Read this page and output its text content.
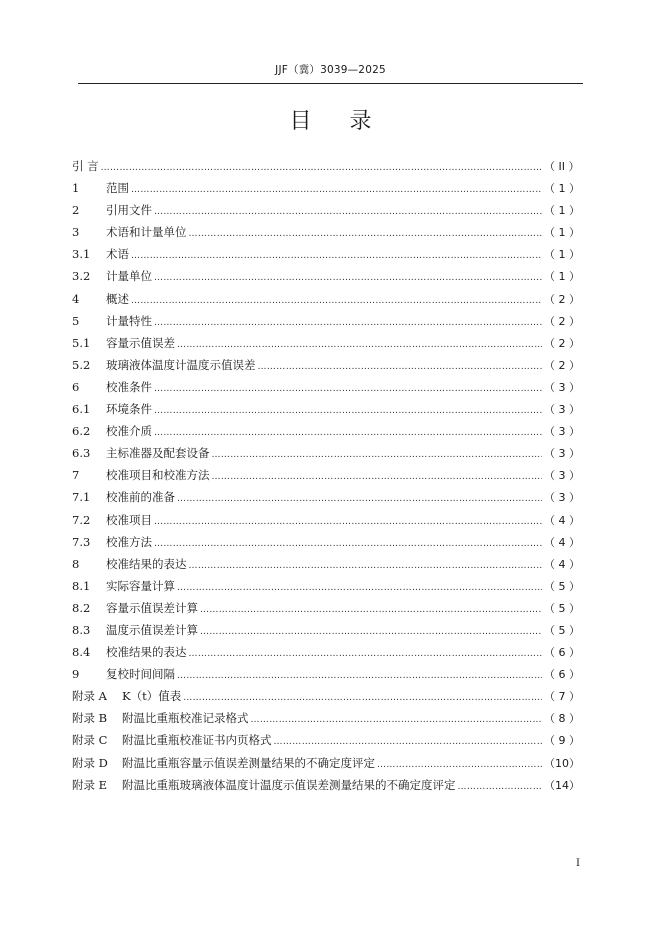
JJF（冀）3039—2025
目录
引 言 …………………………………………………………………………………………………………………………………………………………………………………………	（ II ）
1	范围 …………………………………………………………………………………………………………………………………………………………………………………………	（ 1 ）
2	引用文件 …………………………………………………………………………………………………………………………………………………………………………………………	（ 1 ）
3	术语和计量单位 …………………………………………………………………………………………………………………………………………………………………………………………	（ 1 ）
3.1	术语 …………………………………………………………………………………………………………………………………………………………………………………………	（ 1 ）
3.2	计量单位 …………………………………………………………………………………………………………………………………………………………………………………………	（ 1 ）
4	概述 …………………………………………………………………………………………………………………………………………………………………………………………	（ 2 ）
5	计量特性 …………………………………………………………………………………………………………………………………………………………………………………………	（ 2 ）
5.1	容量示值误差 …………………………………………………………………………………………………………………………………………………………………………………………	（ 2 ）
5.2	玻璃液体温度计温度示值误差 …………………………………………………………………………………………………………………………………………………………………………………………	（ 2 ）
6	校准条件 …………………………………………………………………………………………………………………………………………………………………………………………	（ 3 ）
6.1	环境条件 …………………………………………………………………………………………………………………………………………………………………………………………	（ 3 ）
6.2	校准介质 …………………………………………………………………………………………………………………………………………………………………………………………	（ 3 ）
6.3	主标准器及配套设备 …………………………………………………………………………………………………………………………………………………………………………………………	（ 3 ）
7	校准项目和校准方法 …………………………………………………………………………………………………………………………………………………………………………………………	（ 3 ）
7.1	校准前的准备 …………………………………………………………………………………………………………………………………………………………………………………………	（ 3 ）
7.2	校准项目 …………………………………………………………………………………………………………………………………………………………………………………………	（ 4 ）
7.3	校准方法 …………………………………………………………………………………………………………………………………………………………………………………………	（ 4 ）
8	校准结果的表达 …………………………………………………………………………………………………………………………………………………………………………………………	（ 4 ）
8.1	实际容量计算 …………………………………………………………………………………………………………………………………………………………………………………………	（ 5 ）
8.2	容量示值误差计算 …………………………………………………………………………………………………………………………………………………………………………………………	（ 5 ）
8.3	温度示值误差计算 …………………………………………………………………………………………………………………………………………………………………………………………	（ 5 ）
8.4	校准结果的表达 …………………………………………………………………………………………………………………………………………………………………………………………	（ 6 ）
9	复校时间间隔 …………………………………………………………………………………………………………………………………………………………………………………………	（ 6 ）
附录 A	K（t）值表 …………………………………………………………………………………………………………………………………………………………………………………………	（ 7 ）
附录 B	附温比重瓶校准记录格式 …………………………………………………………………………………………………………………………………………………………………………………………	（ 8 ）
附录 C	附温比重瓶校准证书内页格式 …………………………………………………………………………………………………………………………………………………………………………………………	（ 9 ）
附录 D	附温比重瓶容量示值误差测量结果的不确定度评定 …………………………………………………………………………………………………………………………………………………………………………………………	（10）
附录 E	附温比重瓶玻璃液体温度计温度示值误差测量结果的不确定度评定 …………………………………………………………………………………………………………………………………………………………………………………………	（14）
I
